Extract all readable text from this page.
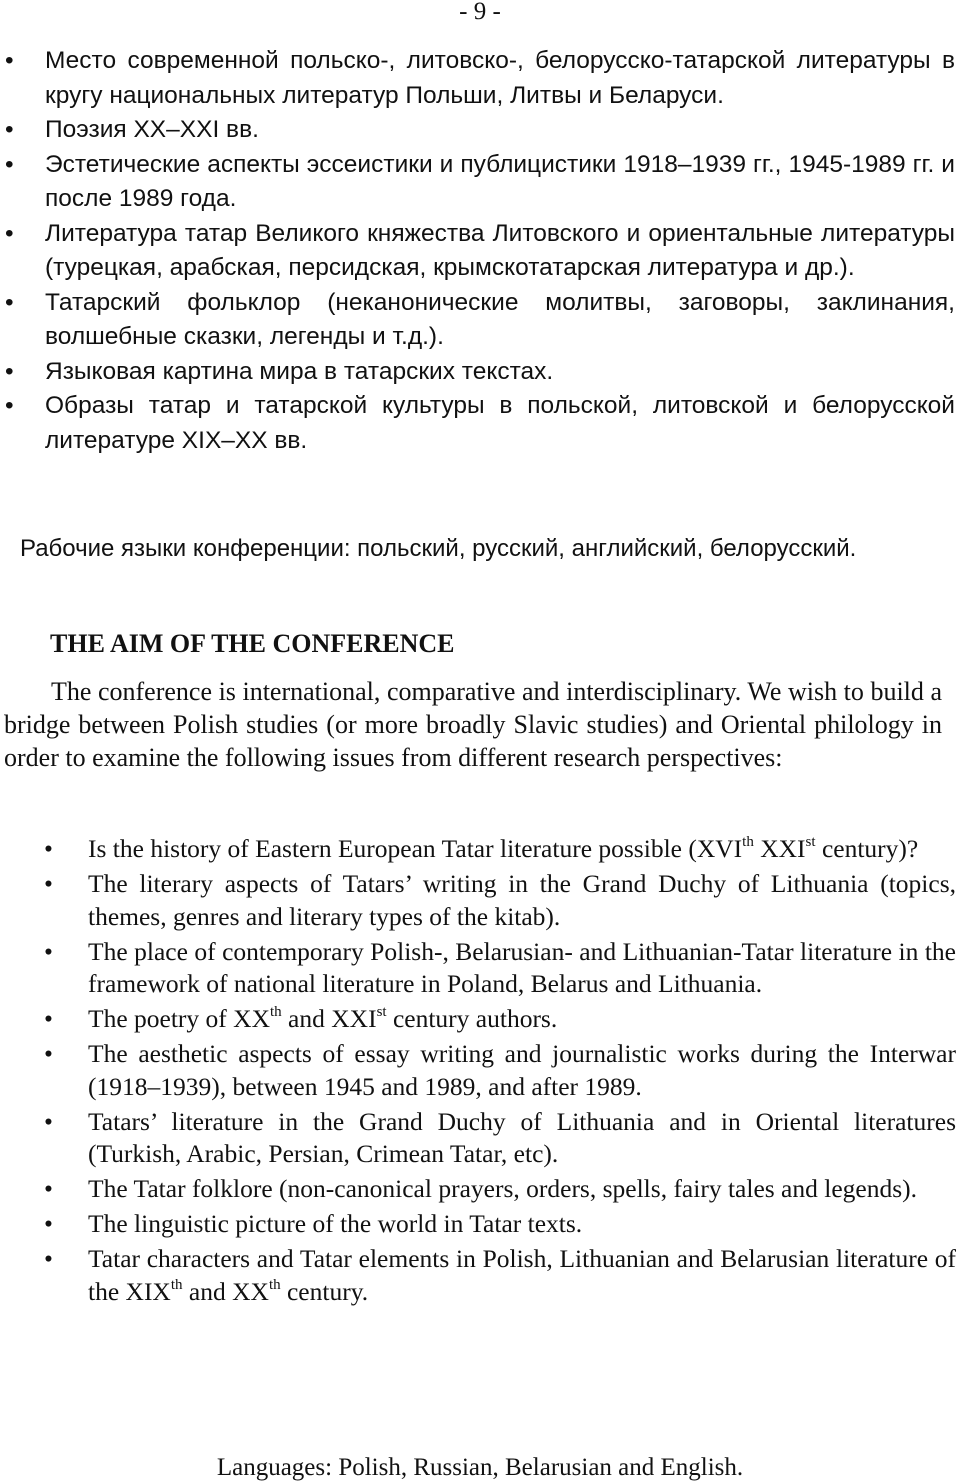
- 9 -
• Место современной польско-, литовско-, белорусско-татарской литературы в кругу национальных литератур Польши, Литвы и Беларуси.
• Поэзия XX–XXI вв.
• Эстетические аспекты эссеистики и публицистики 1918–1939 гг., 1945-1989 гг. и после 1989 года.
• Литература татар Великого княжества Литовского и ориентальные литературы (турецкая, арабская, персидская, крымскотатарская литература и др.).
• Татарский фольклор (неканонические молитвы, заговоры, заклинания, волшебные сказки, легенды и т.д.).
• Языковая картина мира в татарских текстах.
• Образы татар и татарской культуры в польской, литовской и белорусской литературе XIX–XX вв.

Рабочие языки конференции: польский, русский, английский, белорусский.

THE AIM OF THE CONFERENCE

The conference is international, comparative and interdisciplinary. We wish to build a bridge between Polish studies (or more broadly Slavic studies) and Oriental philology in order to examine the following issues from different research perspectives:

• Is the history of Eastern European Tatar literature possible (XVIth XXIst century)?
• The literary aspects of Tatars’ writing in the Grand Duchy of Lithuania (topics, themes, genres and literary types of the kitab).
• The place of contemporary Polish-, Belarusian- and Lithuanian-Tatar literature in the framework of national literature in Poland, Belarus and Lithuania.
• The poetry of XXth and XXIst century authors.
• The aesthetic aspects of essay writing and journalistic works during the Interwar (1918–1939), between 1945 and 1989, and after 1989.
• Tatars’ literature in the Grand Duchy of Lithuania and in Oriental literatures (Turkish, Arabic, Persian, Crimean Tatar, etc).
• The Tatar folklore (non-canonical prayers, orders, spells, fairy tales and legends).
• The linguistic picture of the world in Tatar texts.
• Tatar characters and Tatar elements in Polish, Lithuanian and Belarusian literature of the XIXth and XXth century.

Languages: Polish, Russian, Belarusian and English.
